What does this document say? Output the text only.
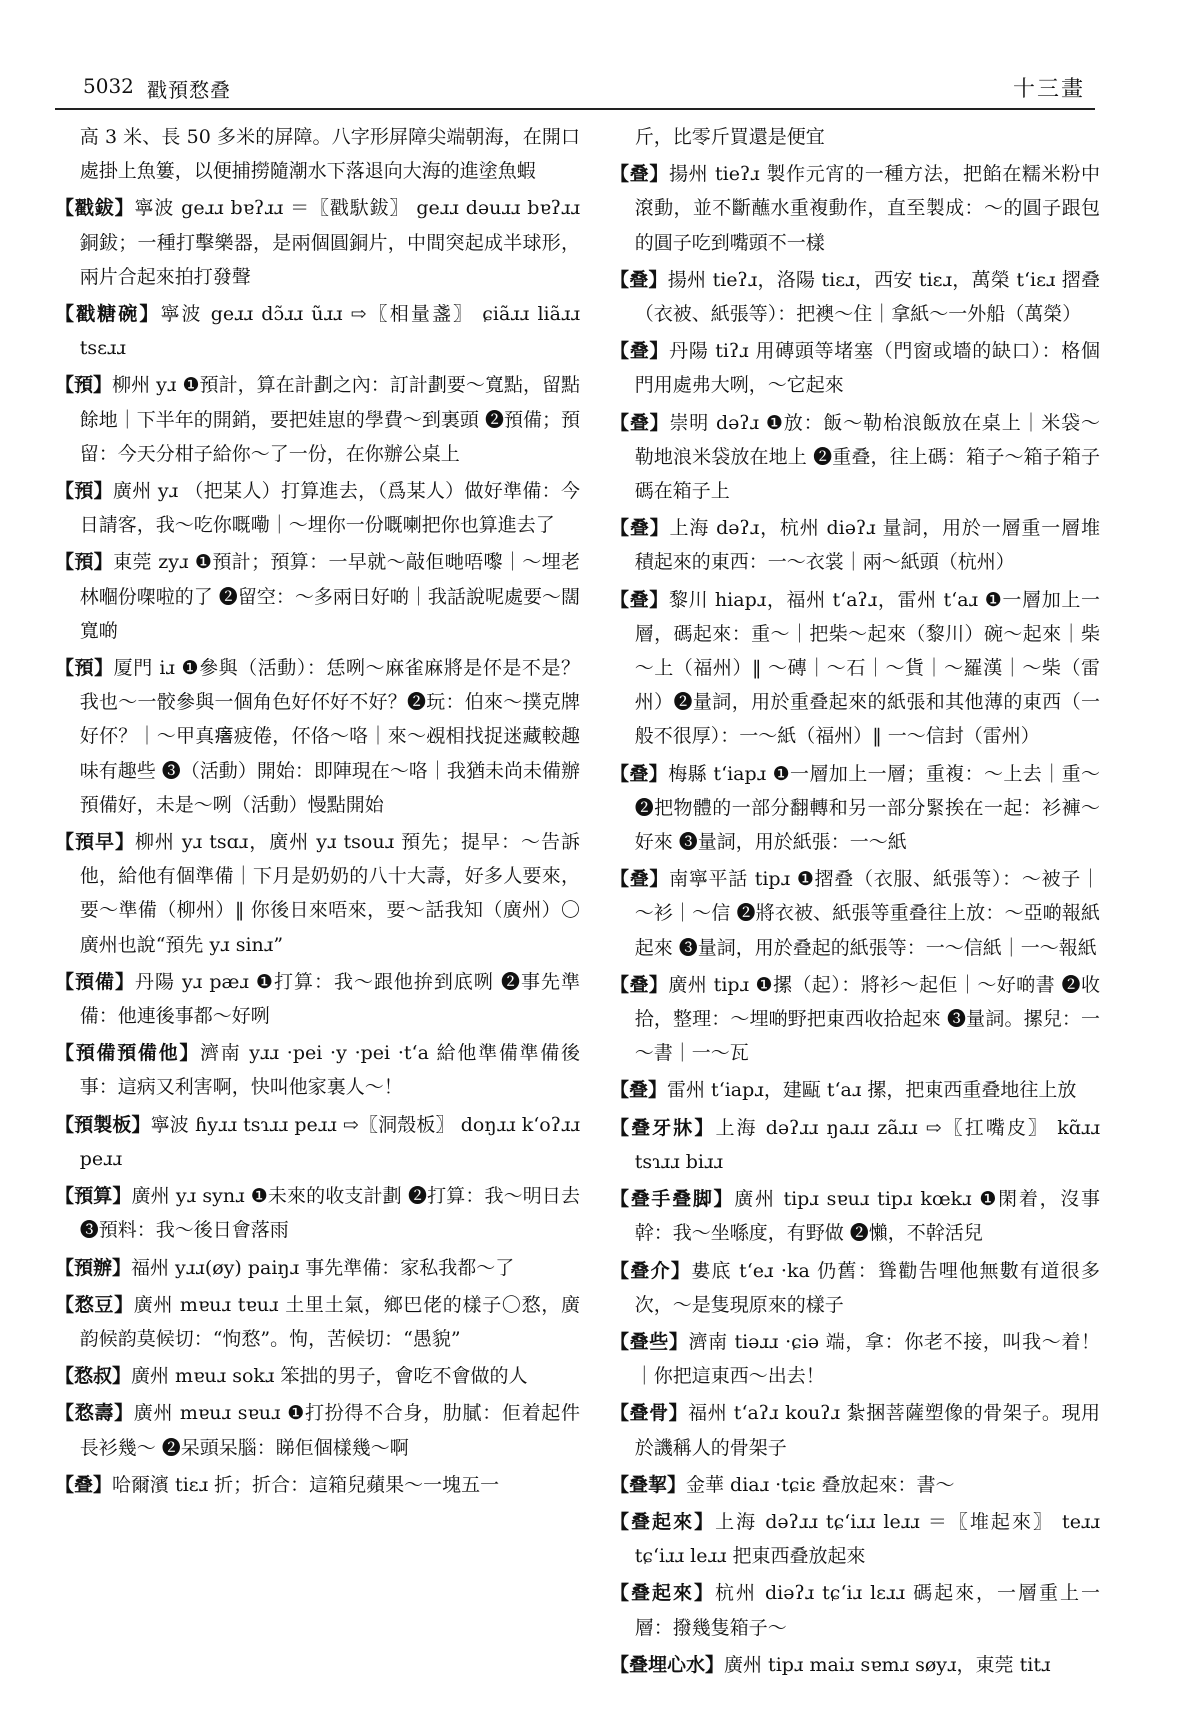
5032 戳預愗叠	十三畫
高 3 米、長 50 多米的屏障。八字形屏障尖端朝海，在開口處掛上魚簍，以便捕撈隨潮水下落退向大海的進塗魚蝦
【戳鈸】寧波 geɹɹ bɐʔɹɹ ＝〖戳馱鈸〗 geɹɹ dəuɹɹ bɐʔɹɹ 銅鈸；一種打擊樂器，是兩個圓銅片，中間突起成半球形，兩片合起來拍打發聲
【戳糖碗】寧波 geɹɹ dɔ̃ɹɹ ũɹɹ ⇨〖相量盞〗 ɕiãɹɹ liãɹɹ tsɛɹɹ
【預】柳州 yɹ ❶預計，算在計劃之內：訂計劃要～寬點，留點餘地｜下半年的開銷，要把娃崽的學費～到裏頭 ❷預備；預留：今天分柑子給你～了一份，在你辦公桌上
【預】廣州 yɹ （把某人）打算進去，（爲某人）做好準備：今日請客，我～吃你嘅嘞｜～埋你一份嘅喇把你也算進去了
【預】東莞 zyɹ ❶預計；預算：一早就～敲佢哋唔嚟｜～埋老林嗰份㗎啦的了 ❷留空：～多兩日好啲｜我話說呢處要～闊寬啲
【預】厦門 iɹ ❶參與（活動）：恁咧～麻雀麻將是伓是不是？我也～一骹參與一個角色好伓好不好？❷玩：伯來～撲克牌好伓？｜～甲真𤺪疲倦，伓佫～咯｜來～覕相找捉迷藏較趣味有趣些 ❸（活動）開始：即陣現在～咯｜我猶未尚未備辦預備好，未是～咧（活動）慢點開始
【預早】柳州 yɹ tsɑɹ，廣州 yɹ tsouɹ 預先；提早：～告訴他，給他有個準備｜下月是奶奶的八十大壽，好多人要來，要～準備（柳州）‖ 你後日來唔來，要～話我知（廣州）〇廣州也說“預先 yɹ sinɹ”
【預備】丹陽 yɹ pæɹ ❶打算：我～跟他拚到底咧 ❷事先準備：他連後事都～好咧
【預備預備他】濟南 yɹɹ ·pei ·y ·pei ·tʻa 給他準備準備後事：這病又利害啊，快叫他家裏人～！
【預製板】寧波 ɦyɹɹ tsɿɹɹ peɹɹ ⇨〖洞殼板〗 doŋɹɹ kʻoʔɹɹ peɹɹ
【預算】廣州 yɹ synɹ ❶未來的收支計劃 ❷打算：我～明日去 ❸預料：我～後日會落雨
【預辦】福州 yɹɹ(øy) paiŋɹ 事先準備：家私我都～了
【愗豆】廣州 mɐuɹ tɐuɹ 土里土氣，鄉巴佬的樣子〇愗，廣韵候韵莫候切：“怐愗”。怐，苦候切：“愚貌”
【愗叔】廣州 mɐuɹ sokɹ 笨拙的男子，會吃不會做的人
【愗壽】廣州 mɐuɹ sɐuɹ ❶打扮得不合身，肋膩：佢着起件長衫幾～ ❷呆頭呆腦：睇佢個樣幾～啊
【叠】哈爾濱 tiɛɹ 折；折合：這箱兒蘋果～一塊五一
斤，比零斤買還是便宜
【叠】揚州 tieʔɹ 製作元宵的一種方法，把餡在糯米粉中滾動，並不斷蘸水重複動作，直至製成：～的圓子跟包的圓子吃到嘴頭不一樣
【叠】揚州 tieʔɹ，洛陽 tiɛɹ，西安 tiɛɹ，萬榮 tʻiɛɹ 摺叠（衣被、紙張等）：把襖～住｜拿紙～一外船（萬榮）
【叠】丹陽 tiʔɹ 用磚頭等堵塞（門窗或墻的缺口）：格個門用處弗大咧，～它起來
【叠】崇明 dəʔɹ ❶放：飯～勒枱浪飯放在桌上｜米袋～勒地浪米袋放在地上 ❷重叠，往上碼：箱子～箱子箱子碼在箱子上
【叠】上海 dəʔɹ，杭州 diəʔɹ 量詞，用於一層重一層堆積起來的東西：一～衣裳｜兩～紙頭（杭州）
【叠】黎川 hiapɹ，福州 tʻaʔɹ，雷州 tʻaɹ ❶一層加上一層，碼起來：重～｜把柴～起來（黎川）碗～起來｜柴～上（福州）‖ ～磚｜～石｜～貨｜～羅漢｜～柴（雷州）❷量詞，用於重叠起來的紙張和其他薄的東西（一般不很厚）：一～紙（福州）‖ 一～信封（雷州）
【叠】梅縣 tʻiapɹ ❶一層加上一層；重複：～上去｜重～ ❷把物體的一部分翻轉和另一部分緊挨在一起：衫褲～好來 ❸量詞，用於紙張：一～紙
【叠】南寧平話 tipɹ ❶摺叠（衣服、紙張等）：～被子｜～衫｜～信 ❷將衣被、紙張等重叠往上放：～亞啲報紙起來 ❸量詞，用於叠起的紙張等：一～信紙｜一～報紙
【叠】廣州 tipɹ ❶摞（起）：將衫～起佢｜～好啲書 ❷收拾，整理：～埋啲野把東西收拾起來 ❸量詞。摞兒：一～書｜一～瓦
【叠】雷州 tʻiapɹ，建甌 tʻaɹ 摞，把東西重叠地往上放
【叠牙牀】上海 dəʔɹɹ ŋaɹɹ zãɹɹ ⇨〖扛嘴皮〗 kɑ̃ɹɹ tsɿɹɹ biɹɹ
【叠手叠脚】廣州 tipɹ sɐuɹ tipɹ kœkɹ ❶閑着，沒事幹：我～坐喺度，有野做 ❷懶，不幹活兒
【叠介】婁底 tʻeɹ ·ka 仍舊：聳勸告哩他無數有道很多次，～是隻現原來的樣子
【叠些】濟南 tiəɹɹ ·ɕiə 端，拿：你老不接，叫我～着！｜你把這東西～出去！
【叠骨】福州 tʻaʔɹ kouʔɹ 紮捆菩薩塑像的骨架子。現用於譏稱人的骨架子
【叠挈】金華 diaɹ ·tɕiɛ 叠放起來：書～
【叠起來】上海 dəʔɹɹ tɕʻiɹɹ leɹɹ ＝〖堆起來〗 teɹɹ tɕʻiɹɹ leɹɹ 把東西叠放起來
【叠起來】杭州 diəʔɹ tɕʻiɹ lɛɹɹ 碼起來，一層重上一層：撥幾隻箱子～
【叠埋心水】廣州 tipɹ maiɹ sɐmɹ søyɹ，東莞 titɹ
